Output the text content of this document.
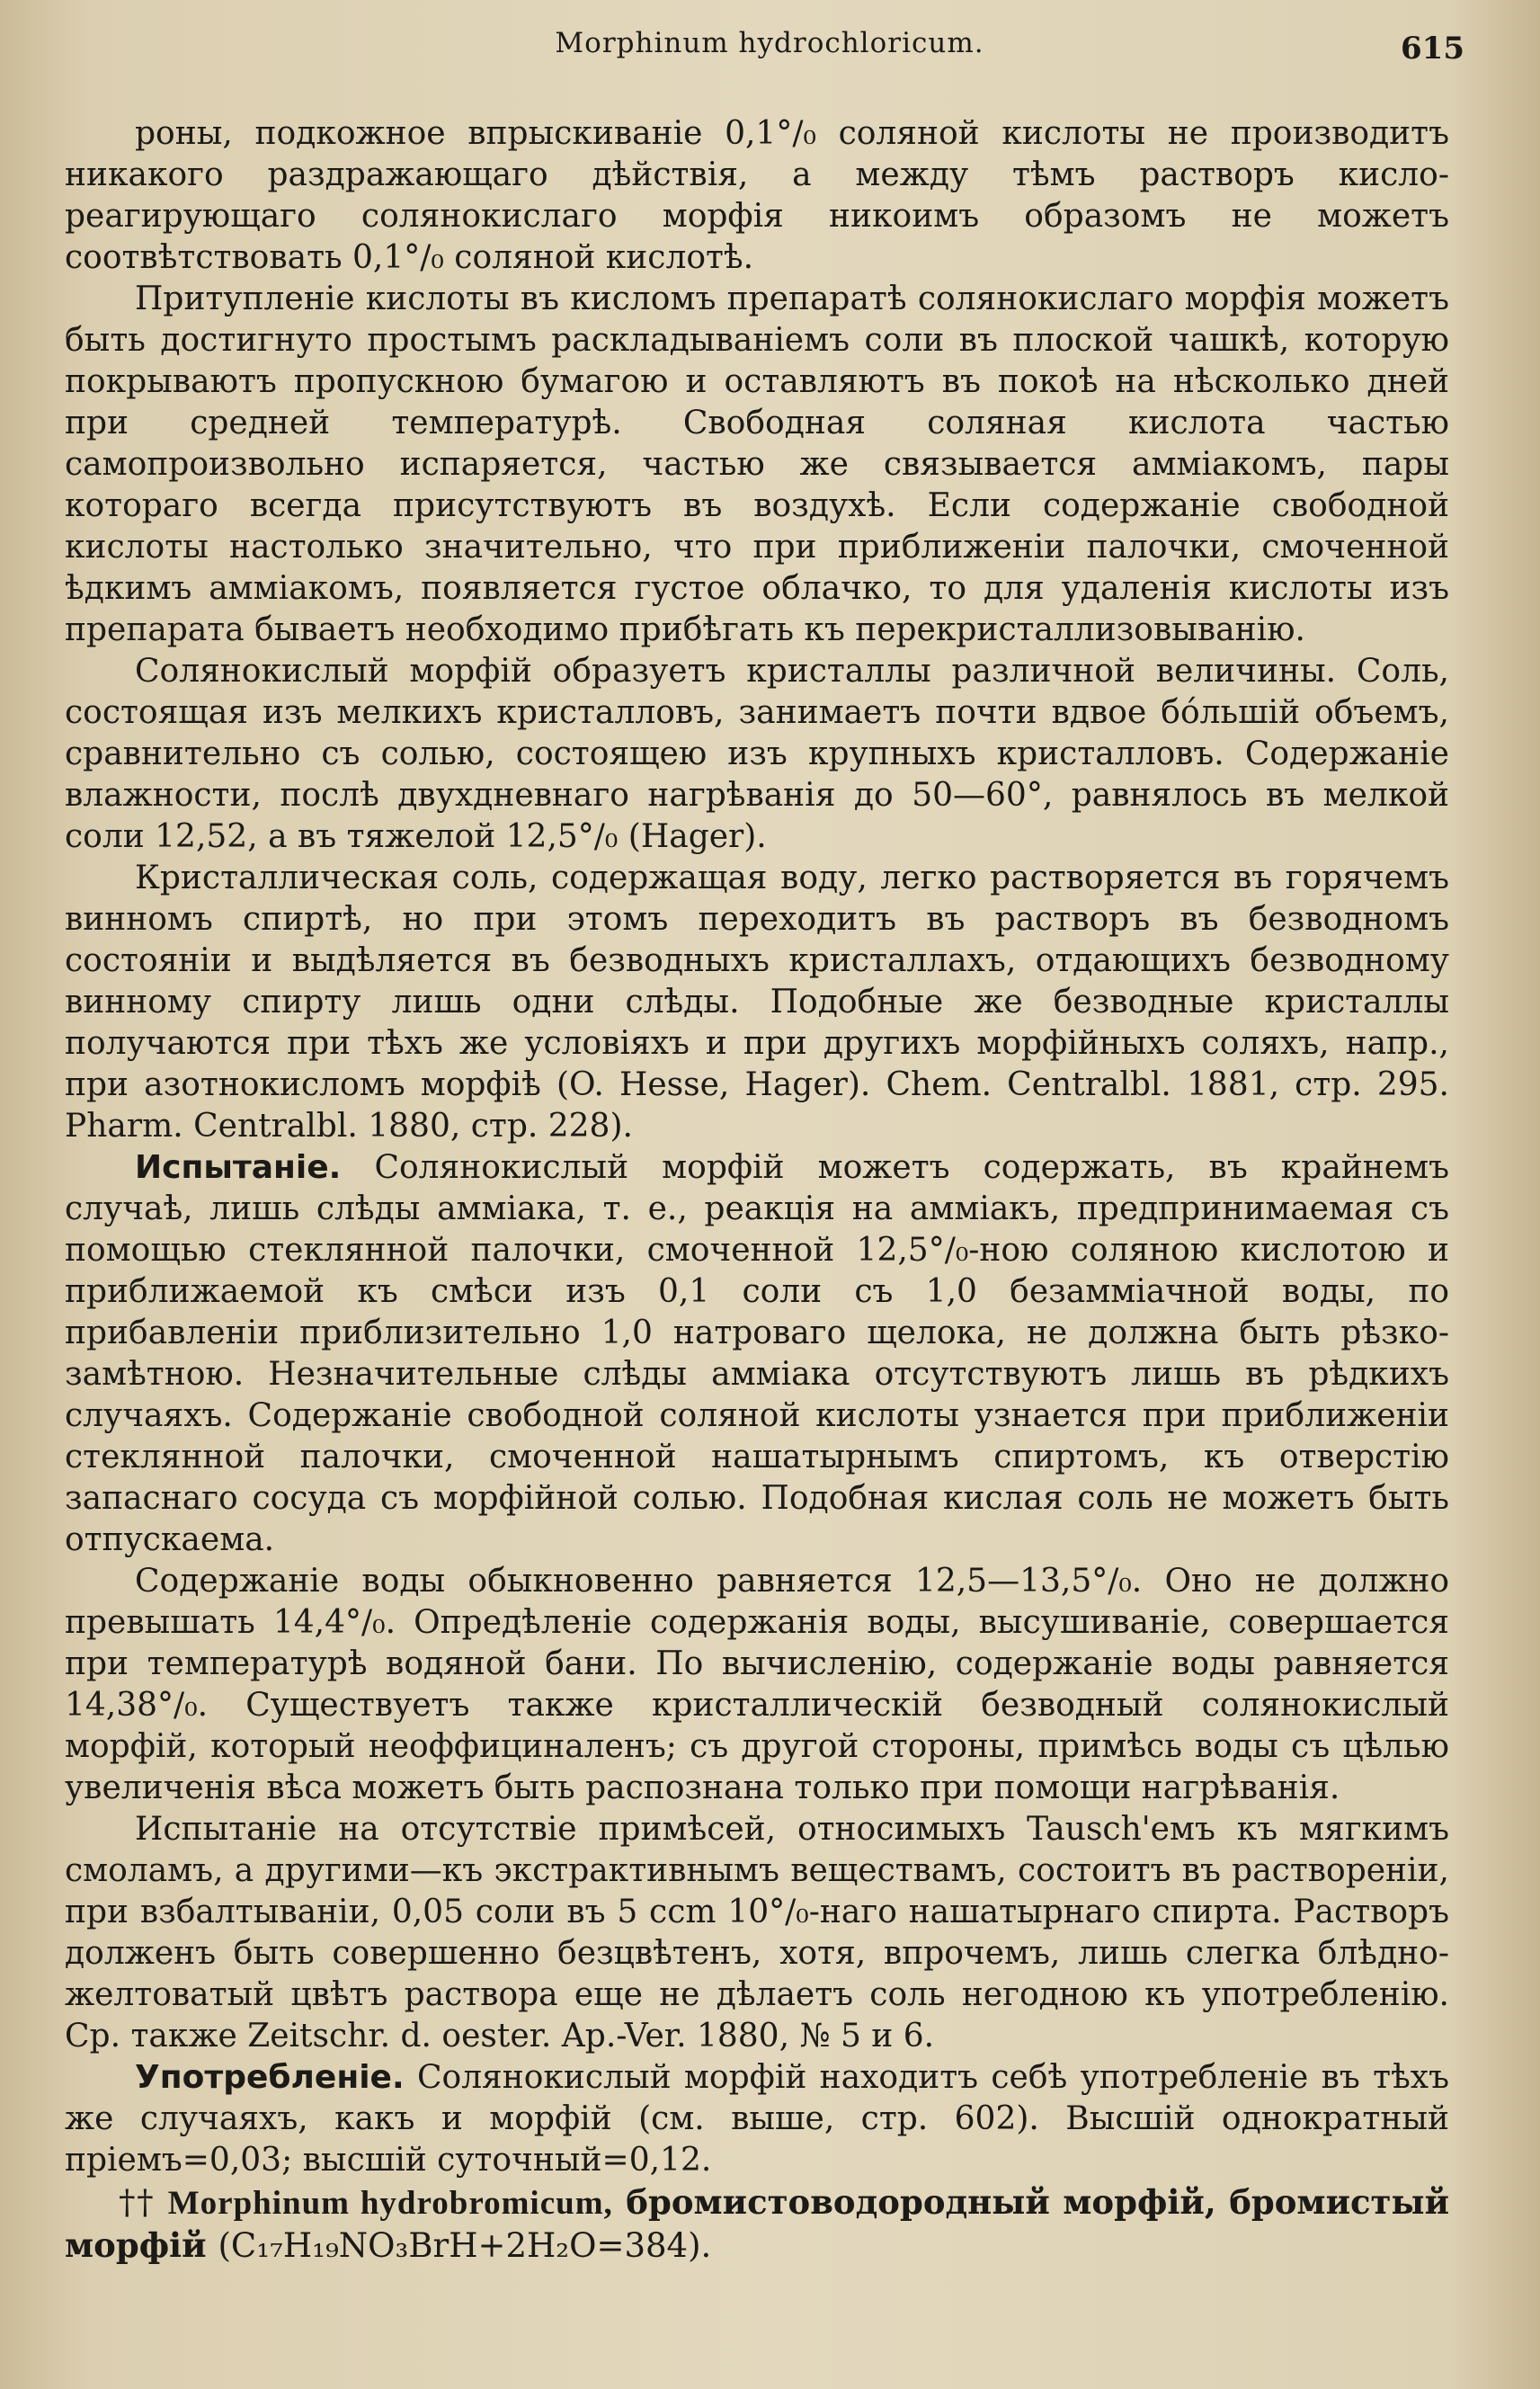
Morphinum hydrochloricum.	615

роны, подкожное впрыскиванiе 0,1°/₀ соляной кислоты не производитъ никакого раздражающаго дѣйствiя, а между тѣмъ растворъ кисло-реагирующаго солянокислаго морфiя никоимъ образомъ не можетъ соотвѣтствовать 0,1°/₀ соляной кислотѣ.

Притупленiе кислоты въ кисломъ препаратѣ солянокислаго морфiя можетъ быть достигнуто простымъ раскладыванiемъ соли въ плоской чашкѣ, которую покрываютъ пропускною бумагою и оставляютъ въ покоѣ на нѣсколько дней при средней температурѣ. Свободная соляная кислота частью самопроизвольно испаряется, частью же связывается амміакомъ, пары которагo всегда присутствуютъ въ воздухѣ. Если содержанiе свободной кислоты настолько значительно, что при приближенiи палочки, смоченной ѣдкимъ амміакомъ, появляется густое облачко, то для удаленiя кислоты изъ препарата бываетъ необходимо прибѣгать къ перекристаллизовыванiю.

Солянокислый морфiй образуетъ кристаллы различной величины. Соль, состоящая изъ мелкихъ кристалловъ, занимаетъ почти вдвое бо́льшiй объемъ, сравнительно съ солью, состоящею изъ крупныхъ кристалловъ. Содержанiе влажности, послѣ двухдневнаго нагрѣванiя до 50—60°, равнялось въ мелкой соли 12,52, а въ тяжелой 12,5°/₀ (Hager).

Кристаллическая соль, содержащая воду, легко растворяется въ горячемъ винномъ спиртѣ, но при этомъ переходитъ въ растворъ въ безводномъ состоянiи и выдѣляется въ безводныхъ кристаллахъ, отдающихъ безводному винному спирту лишь одни слѣды. Подобные же безводные кристаллы получаются при тѣхъ же условiяхъ и при другихъ морфiйныхъ соляхъ, напр., при азотнокисломъ морфiѣ (O. Hesse, Hager). Chem. Centralbl. 1881, стр. 295. Pharm. Centralbl. 1880, стр. 228).

Испытанiе. Солянокислый морфiй можетъ содержать, въ крайнемъ случаѣ, лишь слѣды амміака, т. е., реакцiя на амміакъ, предпринимаемая съ помощью стеклянной палочки, смоченной 12,5°/₀-ною соляною кислотою и приближаемой къ смѣси изъ 0,1 соли съ 1,0 безамміачной воды, по прибавленiи приблизительно 1,0 натроваго щелока, не должна быть рѣзко-замѣтною. Незначительные слѣды амміака отсутствуютъ лишь въ рѣдкихъ случаяхъ. Содержанiе свободной соляной кислоты узнается при приближенiи стеклянной палочки, смоченной нашатырнымъ спиртомъ, къ отверстiю запаснаго сосуда съ морфiйной солью. Подобная кислая соль не можетъ быть отпускаема.

Содержанiе воды обыкновенно равняется 12,5—13,5°/₀. Оно не должно превышать 14,4°/₀. Опредѣленiе содержанiя воды, высушиванiе, совершается при температурѣ водяной бани. По вычисленiю, содержанiе воды равняется 14,38°/₀. Существуетъ также кристаллическiй безводный солянокислый морфiй, который неоффициналенъ; съ другой стороны, примѣсь воды съ цѣлью увеличенiя вѣса можетъ быть распознана только при помощи нагрѣванiя.

Испытанiе на отсутствiе примѣсей, относимыхъ Tausch'емъ къ мягкимъ смоламъ, а другими—къ экстрактивнымъ веществамъ, состоитъ въ растворенiи, при взбалтыванiи, 0,05 соли въ 5 cсm 10°/₀-наго нашатырнаго спирта. Растворъ долженъ быть совершенно безцвѣтенъ, хотя, впрочемъ, лишь слегка блѣдно-желтоватый цвѣтъ раствора еще не дѣлаетъ соль негодною къ употребленiю. Ср. также Zeitschr. d. oester. Ap.-Ver. 1880, № 5 и 6.

Употребленiе. Солянокислый морфiй находитъ себѣ употребленiе въ тѣхъ же случаяхъ, какъ и морфiй (см. выше, стр. 602). Высшiй однократный прiемъ=0,03; высшiй суточный=0,12.

†† Morphinum hydrobromicum, бромистоводородный морфiй, бромистый морфiй (C₁₇H₁₉NO₃BrH+2H₂O=384).
